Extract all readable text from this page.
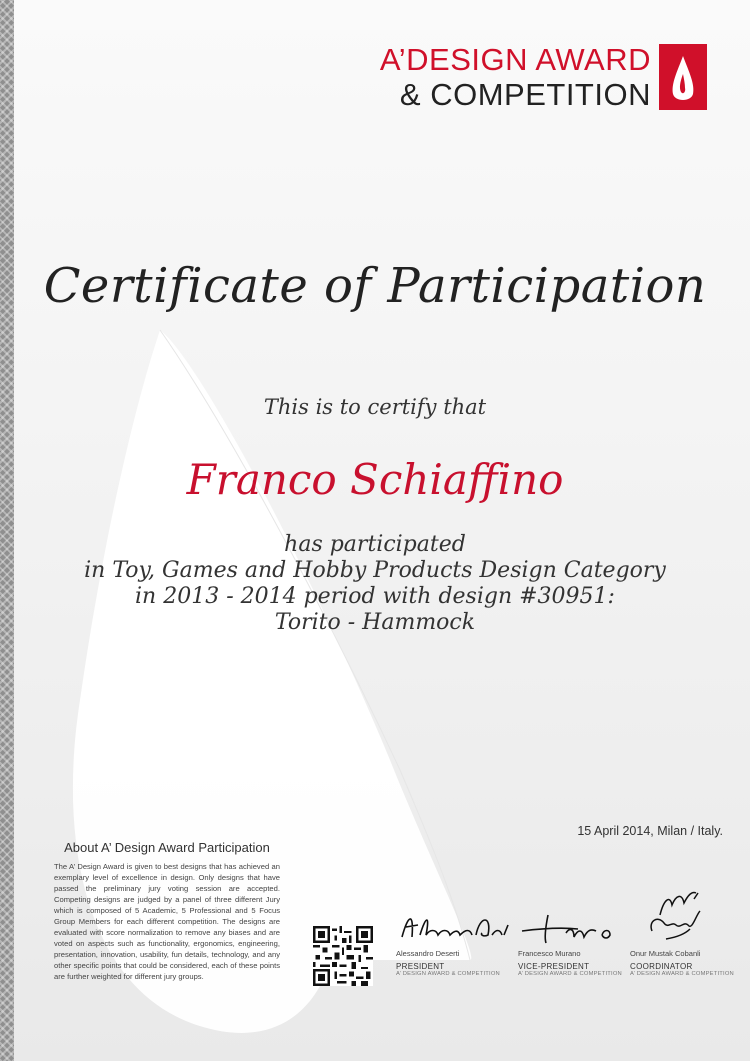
A’DESIGN AWARD
& COMPETITION
Certificate of Participation
This is to certify that
Franco Schiaffino
has participated
in Toy, Games and Hobby Products Design Category
in 2013 - 2014 period with design #30951:
Torito - Hammock
15 April 2014, Milan / Italy.
About A’ Design Award Participation
The A’ Design Award is given to best designs that has achieved an exemplary level of excellence in design. Only designs that have passed the preliminary jury voting session are accepted. Competing designs are judged by a panel of three different Jury which is composed of 5 Academic, 5 Professional and 5 Focus Group Members for each different competition. The designs are evaluated with score normalization to remove any biases and are voted on aspects such as functionality, ergonomics, engineering, presentation, innovation, usability, fun details, technology, and any other specific points that could be considered, each of these points are further weighted for different jury groups.
Alessandro Deserti
PRESIDENT
A’ DESIGN AWARD & COMPETITION
Francesco Murano
VICE-PRESIDENT
A’ DESIGN AWARD & COMPETITION
Onur Mustak Cobanli
COORDINATOR
A’ DESIGN AWARD & COMPETITION
